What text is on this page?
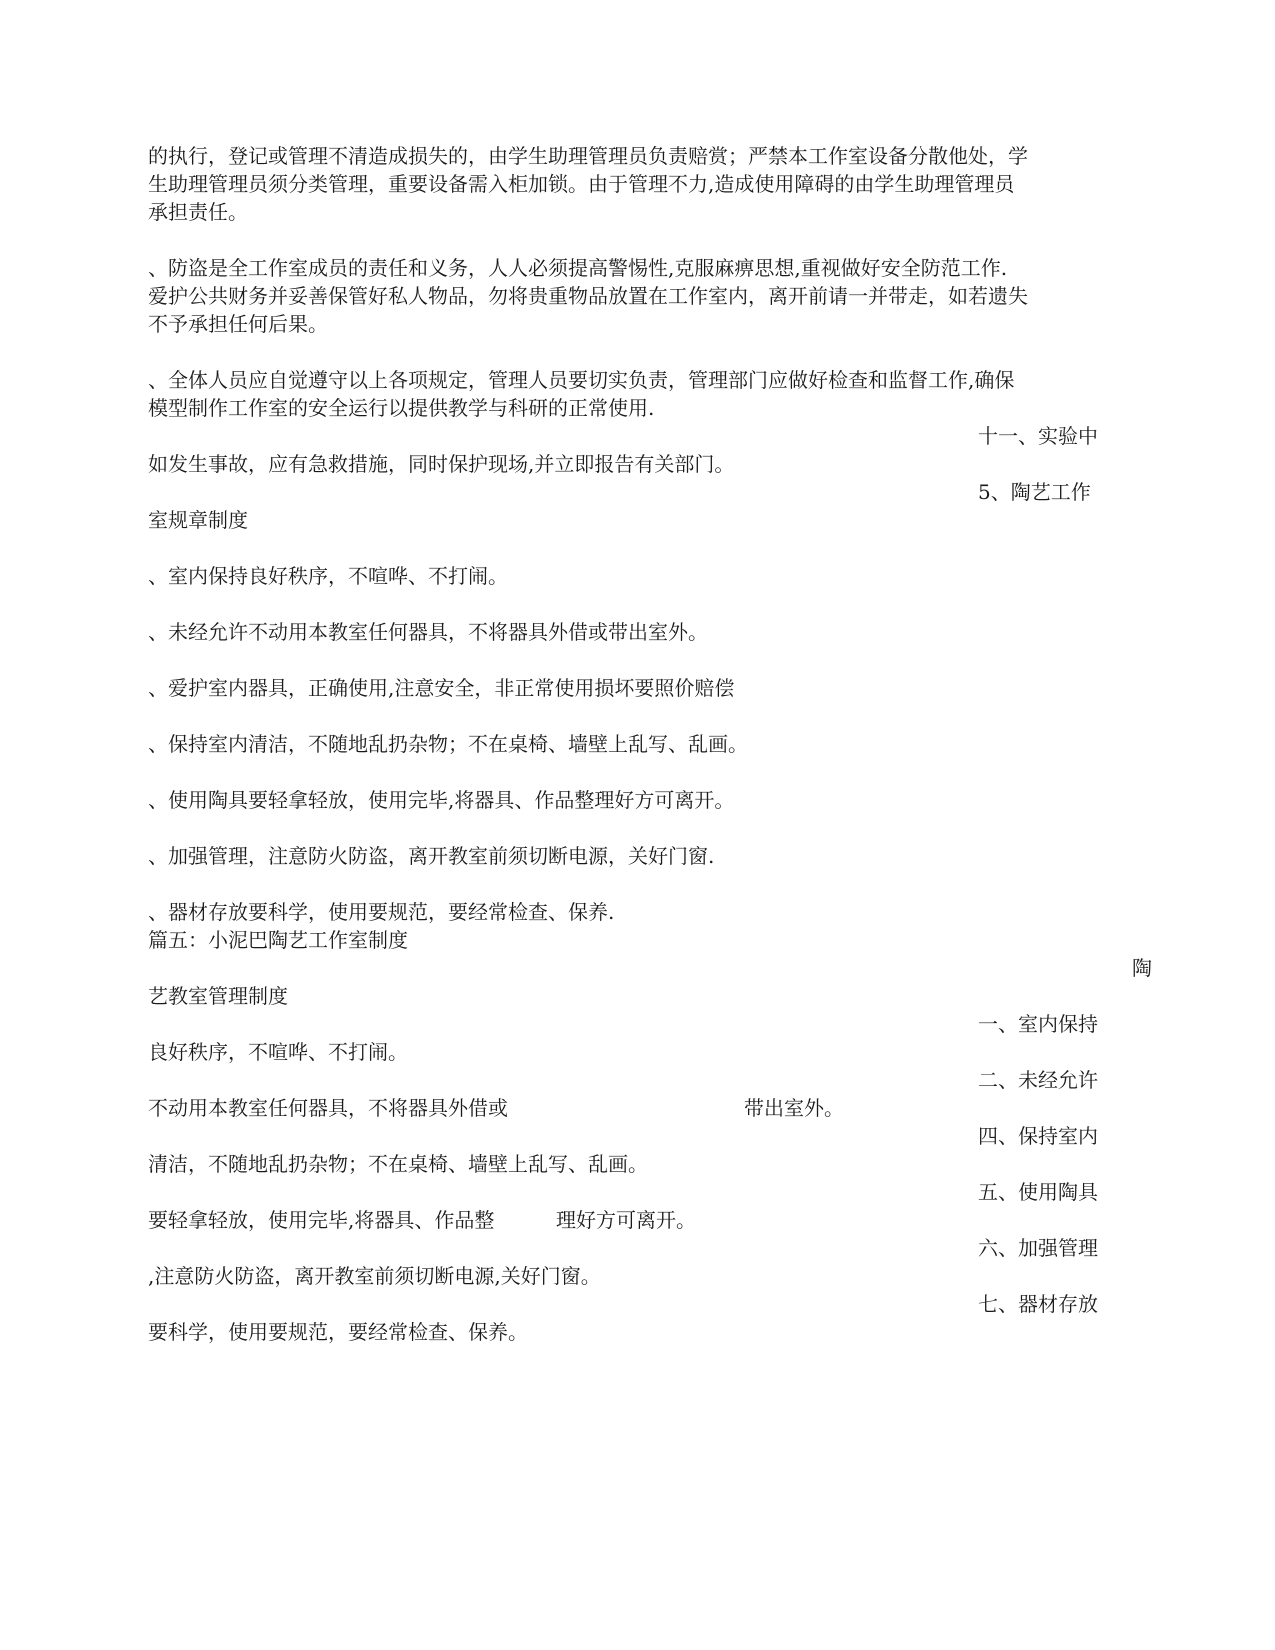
的执行，登记或管理不清造成损失的，由学生助理管理员负责赔赏；严禁本工作室设备分散他处，学
生助理管理员须分类管理，重要设备需入柜加锁。由于管理不力,造成使用障碍的由学生助理管理员
承担责任。
、防盗是全工作室成员的责任和义务，人人必须提高警惕性,克服麻痹思想,重视做好安全防范工作.
爱护公共财务并妥善保管好私人物品，勿将贵重物品放置在工作室内，离开前请一并带走，如若遗失
不予承担任何后果。
、全体人员应自觉遵守以上各项规定，管理人员要切实负责，管理部门应做好检查和监督工作,确保
模型制作工作室的安全运行以提供教学与科研的正常使用.

十一、实验中

如发生事故，应有急救措施，同时保护现场,并立即报告有关部门。

5、陶艺工作

室规章制度

、室内保持良好秩序，不喧哗、不打闹。

、未经允许不动用本教室任何器具，不将器具外借或带出室外。

、爱护室内器具，正确使用,注意安全，非正常使用损坏要照价赔偿

、保持室内清洁，不随地乱扔杂物；不在桌椅、墙壁上乱写、乱画。

、使用陶具要轻拿轻放，使用完毕,将器具、作品整理好方可离开。

、加强管理，注意防火防盗，离开教室前须切断电源，关好门窗.

、器材存放要科学，使用要规范，要经常检查、保养.

篇五：小泥巴陶艺工作室制度

陶

艺教室管理制度

一、室内保持

良好秩序，不喧哗、不打闹。

二、未经允许

不动用本教室任何器具，不将器具外借或	带出室外。

四、保持室内

清洁，不随地乱扔杂物；不在桌椅、墙壁上乱写、乱画。

五、使用陶具

要轻拿轻放，使用完毕,将器具、作品整	理好方可离开。

六、加强管理

,注意防火防盗，离开教室前须切断电源,关好门窗。

七、器材存放

要科学，使用要规范，要经常检查、保养。
